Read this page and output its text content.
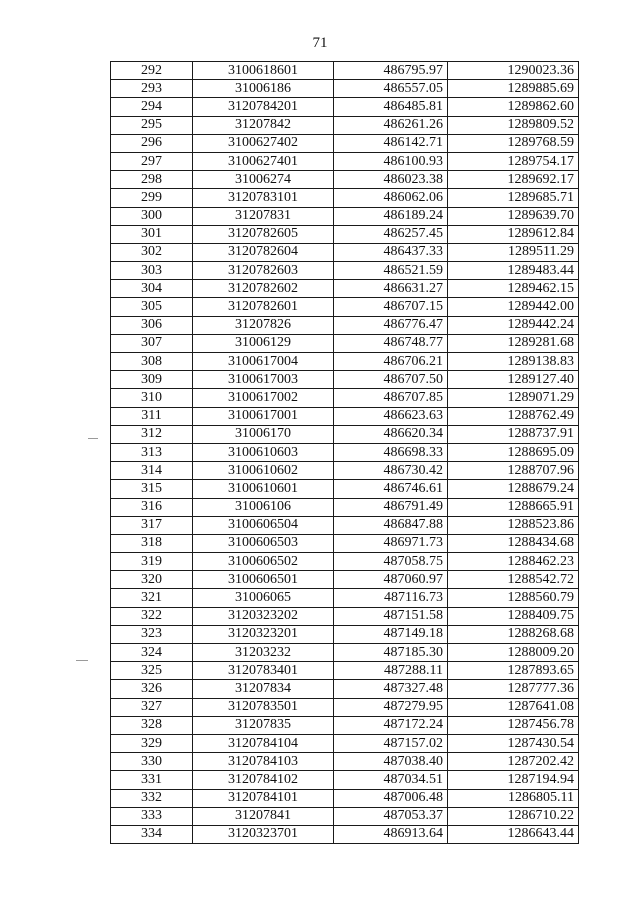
71
292	3100618601	486795.97	1290023.36
293	31006186	486557.05	1289885.69
294	3120784201	486485.81	1289862.60
295	31207842	486261.26	1289809.52
296	3100627402	486142.71	1289768.59
297	3100627401	486100.93	1289754.17
298	31006274	486023.38	1289692.17
299	3120783101	486062.06	1289685.71
300	31207831	486189.24	1289639.70
301	3120782605	486257.45	1289612.84
302	3120782604	486437.33	1289511.29
303	3120782603	486521.59	1289483.44
304	3120782602	486631.27	1289462.15
305	3120782601	486707.15	1289442.00
306	31207826	486776.47	1289442.24
307	31006129	486748.77	1289281.68
308	3100617004	486706.21	1289138.83
309	3100617003	486707.50	1289127.40
310	3100617002	486707.85	1289071.29
311	3100617001	486623.63	1288762.49
312	31006170	486620.34	1288737.91
313	3100610603	486698.33	1288695.09
314	3100610602	486730.42	1288707.96
315	3100610601	486746.61	1288679.24
316	31006106	486791.49	1288665.91
317	3100606504	486847.88	1288523.86
318	3100606503	486971.73	1288434.68
319	3100606502	487058.75	1288462.23
320	3100606501	487060.97	1288542.72
321	31006065	487116.73	1288560.79
322	3120323202	487151.58	1288409.75
323	3120323201	487149.18	1288268.68
324	31203232	487185.30	1288009.20
325	3120783401	487288.11	1287893.65
326	31207834	487327.48	1287777.36
327	3120783501	487279.95	1287641.08
328	31207835	487172.24	1287456.78
329	3120784104	487157.02	1287430.54
330	3120784103	487038.40	1287202.42
331	3120784102	487034.51	1287194.94
332	3120784101	487006.48	1286805.11
333	31207841	487053.37	1286710.22
334	3120323701	486913.64	1286643.44
